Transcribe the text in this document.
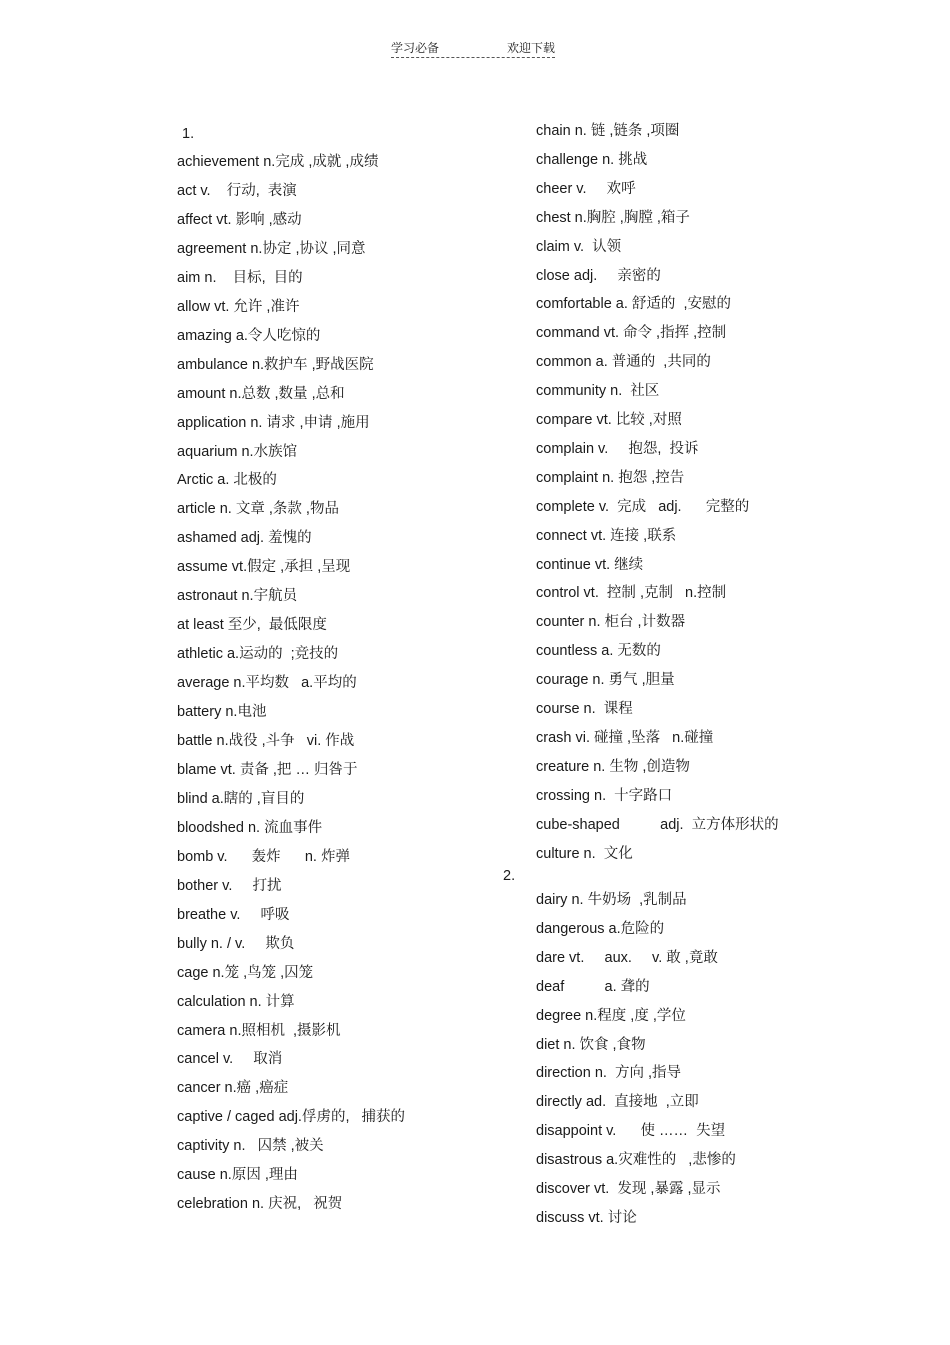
学习必备	欢迎下载
1.
2.
achievement n.完成 ,成就 ,成绩
act v.    行动,  表演
affect vt. 影响 ,感动
agreement n.协定 ,协议 ,同意
aim n.    目标,  目的
allow vt. 允许 ,准许
amazing a.令人吃惊的
ambulance n.救护车 ,野战医院
amount n.总数 ,数量 ,总和
application n. 请求 ,申请 ,施用
aquarium n.水族馆
Arctic a. 北极的
article n. 文章 ,条款 ,物品
ashamed adj. 羞愧的
assume vt.假定 ,承担 ,呈现
astronaut n.宇航员
at least 至少,  最低限度
athletic a.运动的  ;竞技的
average n.平均数   a.平均的
battery n.电池
battle n.战役 ,斗争   vi. 作战
blame vt. 责备 ,把 … 归咎于
blind a.瞎的 ,盲目的
bloodshed n. 流血事件
bomb v.      轰炸      n. 炸弹
bother v.     打扰
breathe v.     呼吸
bully n. / v.     欺负
cage n.笼 ,鸟笼 ,囚笼
calculation n. 计算
camera n.照相机  ,摄影机
cancel v.     取消
cancer n.癌 ,癌症
captive / caged adj.俘虏的,   捕获的
captivity n.   囚禁 ,被关
cause n.原因 ,理由
celebration n. 庆祝,   祝贺
chain n. 链 ,链条 ,项圈
challenge n. 挑战
cheer v.     欢呼
chest n.胸腔 ,胸膛 ,箱子
claim v.  认领
close adj.     亲密的
comfortable a. 舒适的  ,安慰的
command vt. 命令 ,指挥 ,控制
common a. 普通的  ,共同的
community n.  社区
compare vt. 比较 ,对照
complain v.     抱怨,  投诉
complaint n. 抱怨 ,控告
complete v.  完成   adj.      完整的
connect vt. 连接 ,联系
continue vt. 继续
control vt.  控制 ,克制   n.控制
counter n. 柜台 ,计数器
countless a. 无数的
courage n. 勇气 ,胆量
course n.  课程
crash vi. 碰撞 ,坠落   n.碰撞
creature n. 生物 ,创造物
crossing n.  十字路口
cube-shaped          adj.  立方体形状的
culture n.  文化
dairy n. 牛奶场  ,乳制品
dangerous a.危险的
dare vt.     aux.     v. 敢 ,竟敢
deaf          a. 聋的
degree n.程度 ,度 ,学位
diet n. 饮食 ,食物
direction n.  方向 ,指导
directly ad.  直接地  ,立即
disappoint v.      使 ……  失望
disastrous a.灾难性的   ,悲惨的
discover vt.  发现 ,暴露 ,显示
discuss vt. 讨论
